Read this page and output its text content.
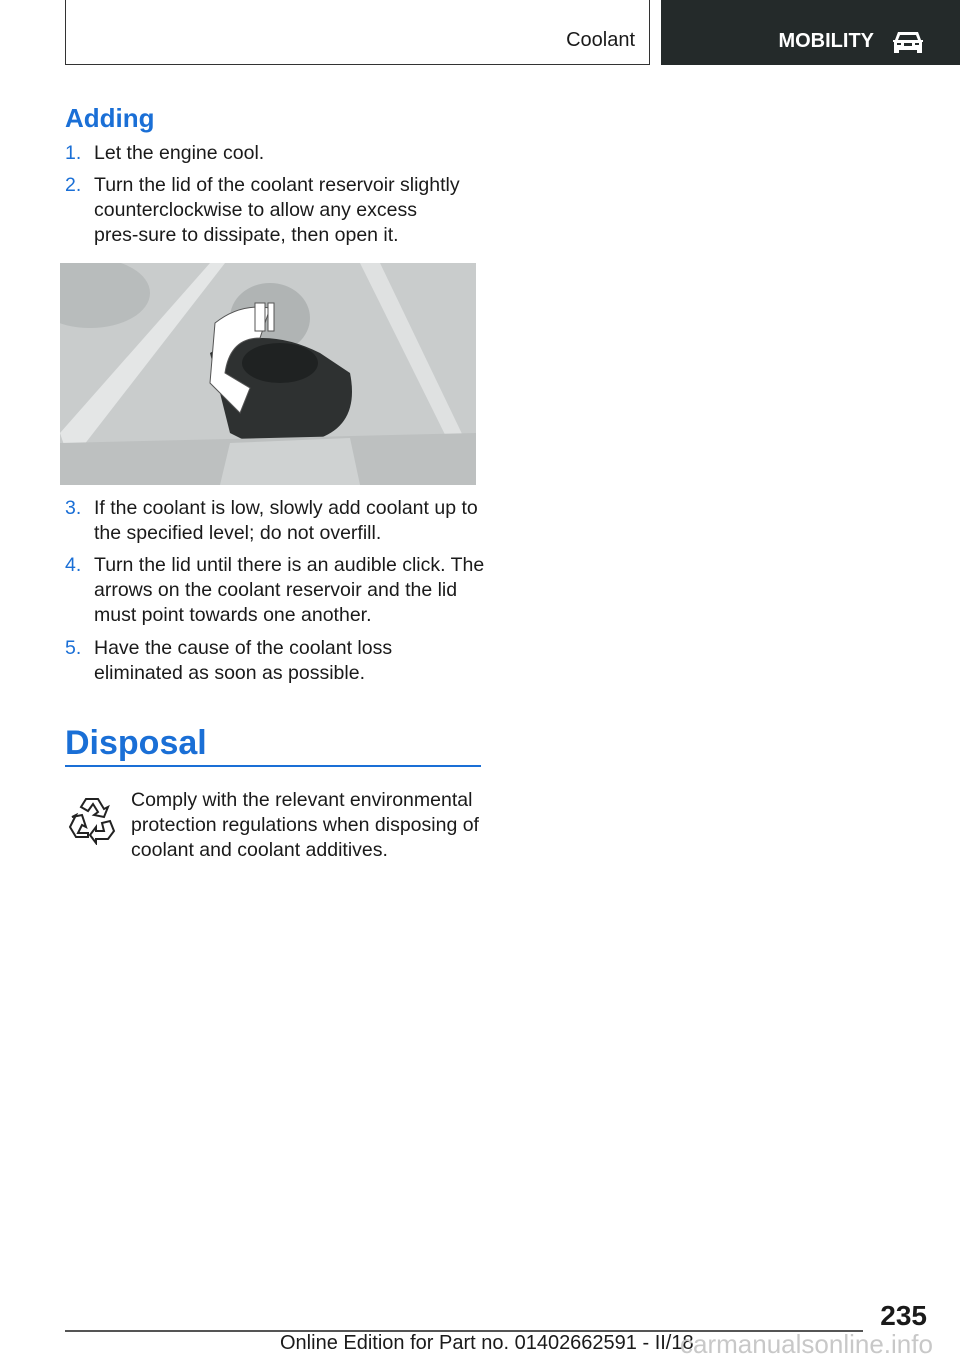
Coolant	MOBILITY
Adding
1. Let the engine cool.
2. Turn the lid of the coolant reservoir slightly counterclockwise to allow any excess pres-sure to dissipate, then open it.
3. If the coolant is low, slowly add coolant up to the specified level; do not overfill.
4. Turn the lid until there is an audible click. The arrows on the coolant reservoir and the lid must point towards one another.
5. Have the cause of the coolant loss eliminated as soon as possible.
Disposal
Comply with the relevant environmental protection regulations when disposing of coolant and coolant additives.
235
Online Edition for Part no. 01402662591 - II/18
carmanualsonline.info
